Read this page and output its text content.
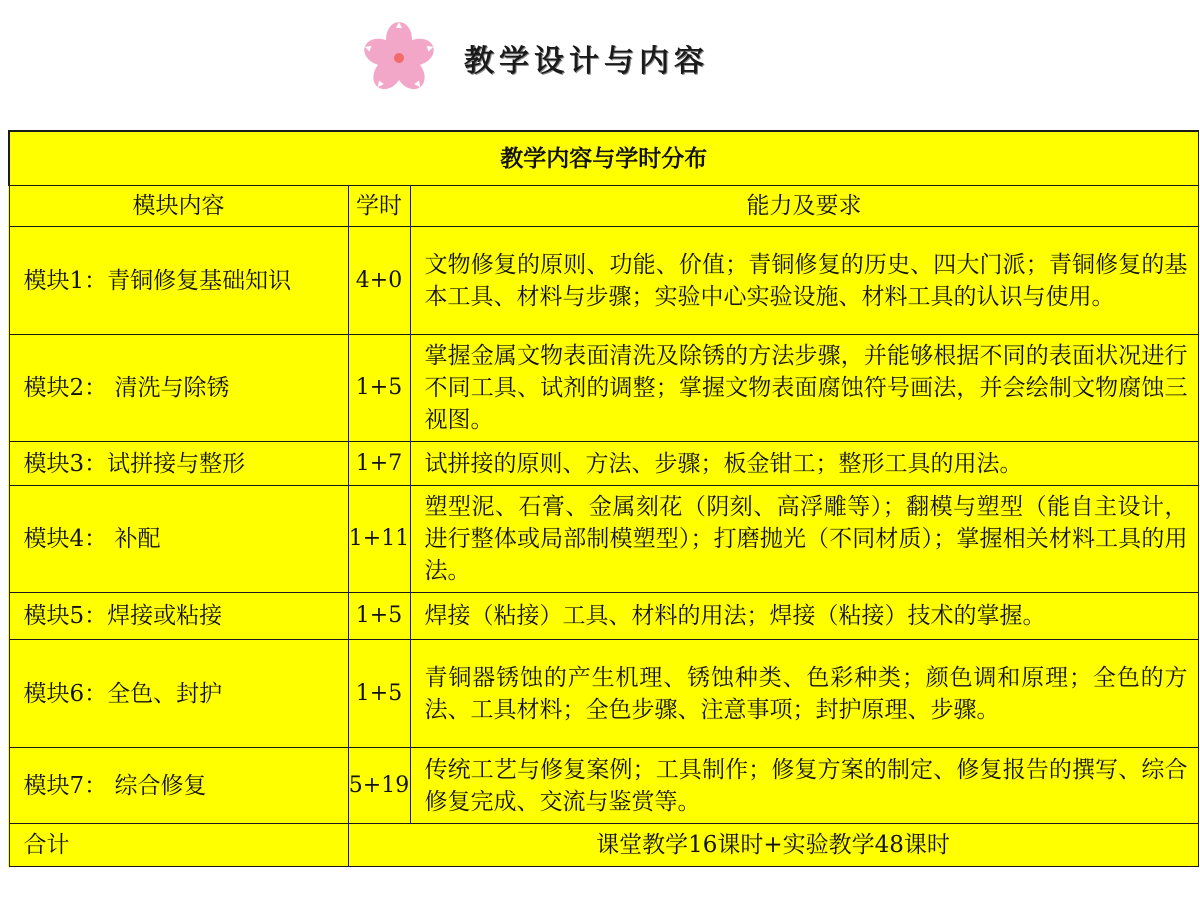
教学设计与内容
教学内容与学时分布		
模块内容	学时	能力及要求
模块1：青铜修复基础知识	4+0	文物修复的原则、功能、价值；青铜修复的历史、四大门派；青铜修复的基本工具、材料与步骤；实验中心实验设施、材料工具的认识与使用。
模块2： 清洗与除锈	1+5	掌握金属文物表面清洗及除锈的方法步骤，并能够根据不同的表面状况进行不同工具、试剂的调整；掌握文物表面腐蚀符号画法，并会绘制文物腐蚀三视图。
模块3：试拼接与整形	1+7	试拼接的原则、方法、步骤；板金钳工；整形工具的用法。
模块4： 补配	1+11	塑型泥、石膏、金属刻花（阴刻、高浮雕等）；翻模与塑型（能自主设计，进行整体或局部制模塑型）；打磨抛光（不同材质）；掌握相关材料工具的用法。
模块5：焊接或粘接	1+5	焊接（粘接）工具、材料的用法；焊接（粘接）技术的掌握。
模块6：全色、封护	1+5	青铜器锈蚀的产生机理、锈蚀种类、色彩种类；颜色调和原理；全色的方法、工具材料；全色步骤、注意事项；封护原理、步骤。
模块7： 综合修复	5+19	传统工艺与修复案例；工具制作；修复方案的制定、修复报告的撰写、综合修复完成、交流与鉴赏等。
合计	课堂教学16课时+实验教学48课时	
